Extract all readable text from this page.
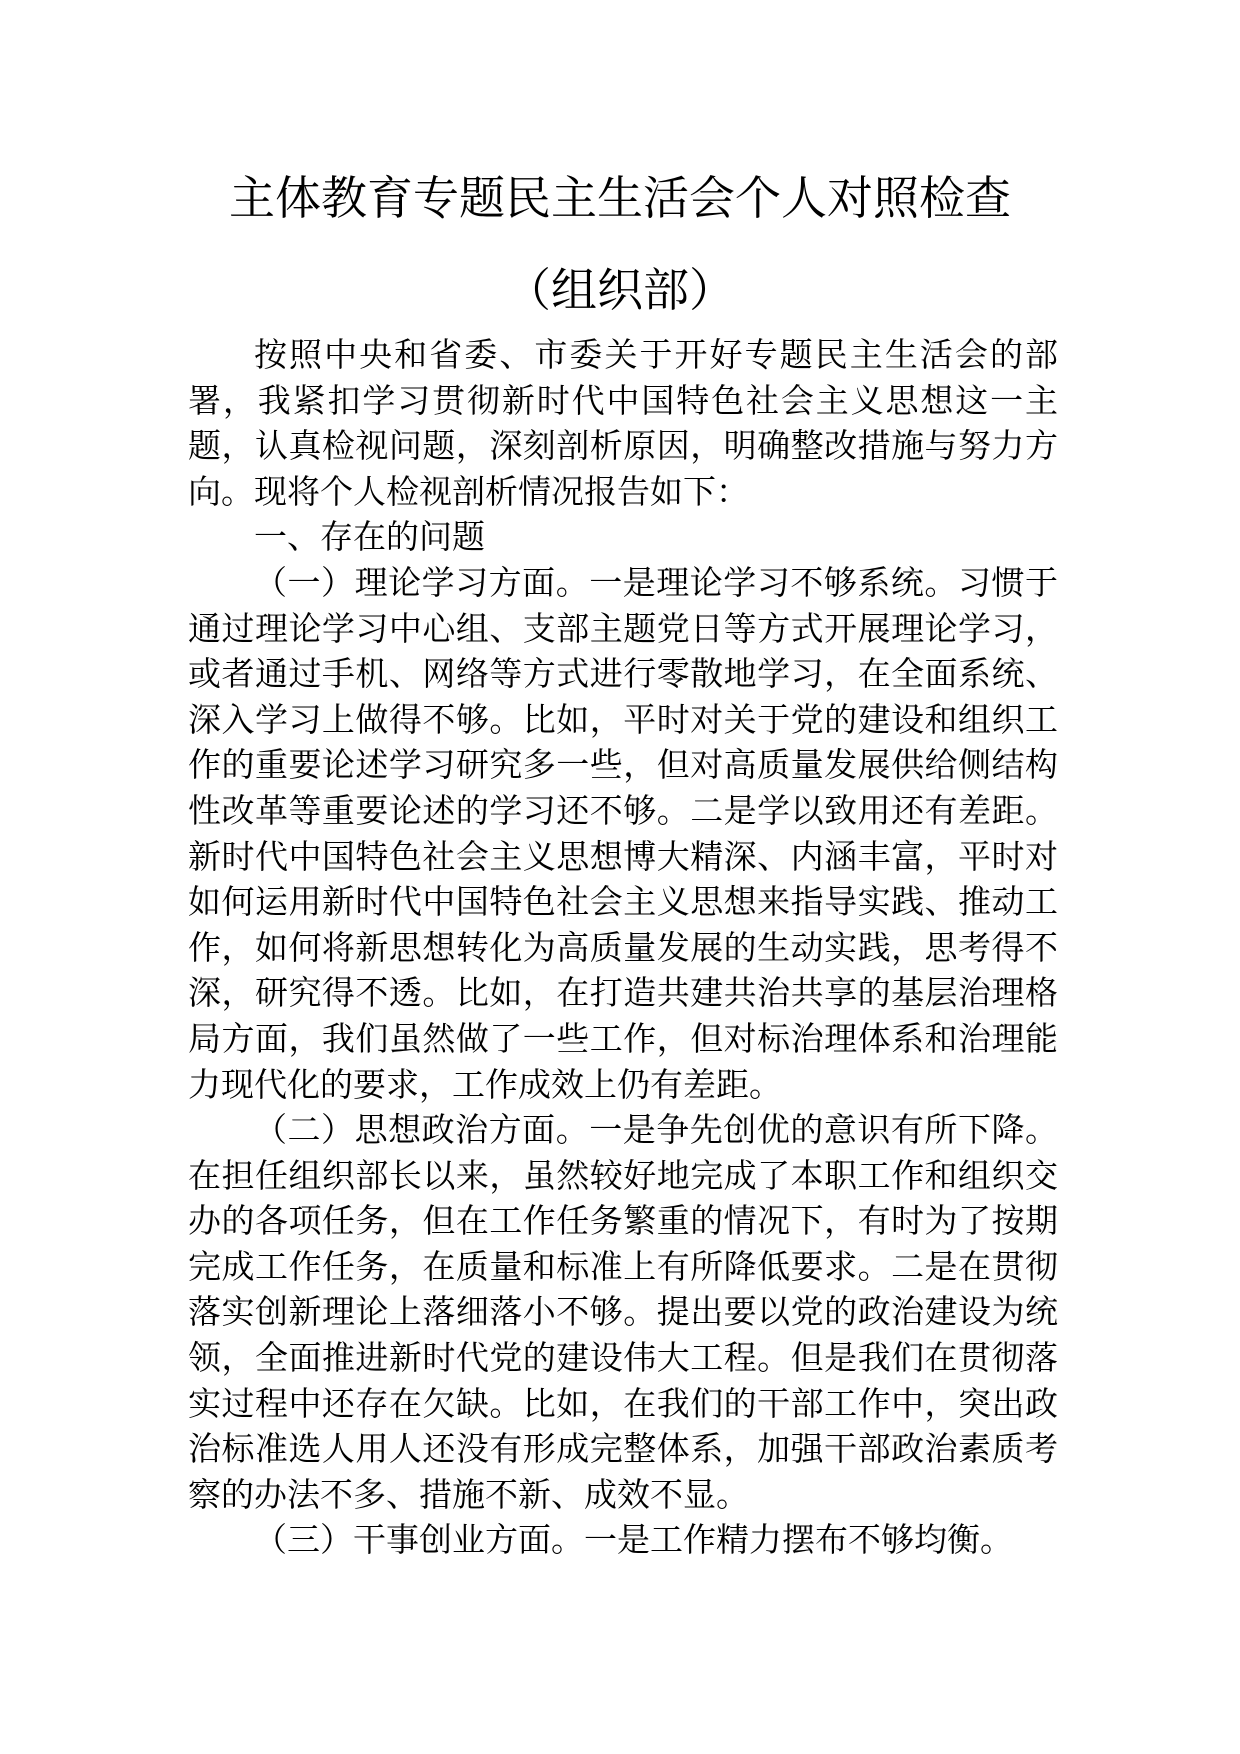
主体教育专题民主生活会个人对照检查
（组织部）

按照中央和省委、市委关于开好专题民主生活会的部署，我紧扣学习贯彻新时代中国特色社会主义思想这一主题，认真检视问题，深刻剖析原因，明确整改措施与努力方向。现将个人检视剖析情况报告如下：

一、存在的问题

（一）理论学习方面。一是理论学习不够系统。习惯于通过理论学习中心组、支部主题党日等方式开展理论学习，或者通过手机、网络等方式进行零散地学习，在全面系统、深入学习上做得不够。比如，平时对关于党的建设和组织工作的重要论述学习研究多一些，但对高质量发展供给侧结构性改革等重要论述的学习还不够。二是学以致用还有差距。新时代中国特色社会主义思想博大精深、内涵丰富，平时对如何运用新时代中国特色社会主义思想来指导实践、推动工作，如何将新思想转化为高质量发展的生动实践，思考得不深，研究得不透。比如，在打造共建共治共享的基层治理格局方面，我们虽然做了一些工作，但对标治理体系和治理能力现代化的要求，工作成效上仍有差距。

（二）思想政治方面。一是争先创优的意识有所下降。在担任组织部长以来，虽然较好地完成了本职工作和组织交办的各项任务，但在工作任务繁重的情况下，有时为了按期完成工作任务，在质量和标准上有所降低要求。二是在贯彻落实创新理论上落细落小不够。提出要以党的政治建设为统领，全面推进新时代党的建设伟大工程。但是我们在贯彻落实过程中还存在欠缺。比如，在我们的干部工作中，突出政治标准选人用人还没有形成完整体系，加强干部政治素质考察的办法不多、措施不新、成效不显。

（三）干事创业方面。一是工作精力摆布不够均衡。
